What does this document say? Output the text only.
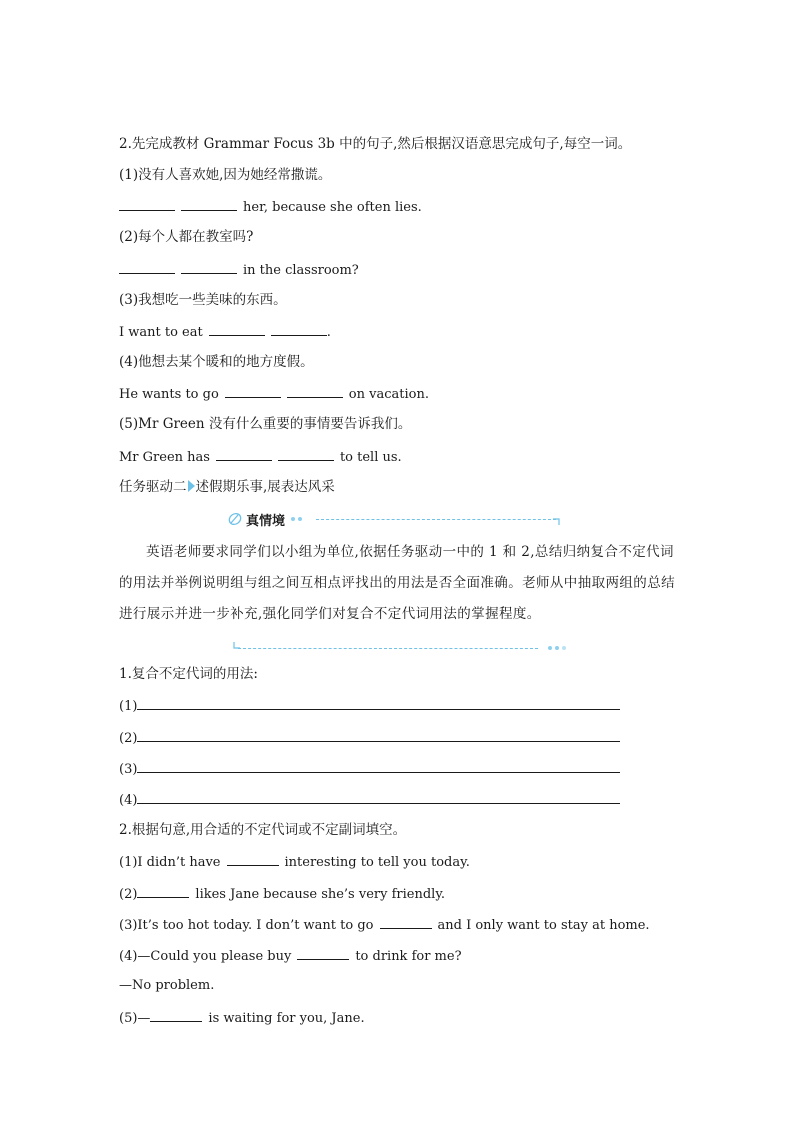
2.先完成教材 Grammar Focus 3b 中的句子,然后根据汉语意思完成句子,每空一词。
(1)没有人喜欢她,因为她经常撒谎。
her, because she often lies.
(2)每个人都在教室吗?
in the classroom?
(3)我想吃一些美味的东西。
I want to eat	.
(4)他想去某个暖和的地方度假。
He wants to go	on vacation.
(5)Mr Green 没有什么重要的事情要告诉我们。
Mr Green has	to tell us.
任务驱动二 述假期乐事,展表达风采
真情境
英语老师要求同学们以小组为单位,依据任务驱动一中的 1 和 2,总结归纳复合不定代词的用法并举例说明组与组之间互相点评找出的用法是否全面准确。老师从中抽取两组的总结进行展示并进一步补充,强化同学们对复合不定代词用法的掌握程度。
1.复合不定代词的用法:
(1)
(2)
(3)
(4)
2.根据句意,用合适的不定代词或不定副词填空。
(1)I didn’t have	interesting to tell you today.
(2)	likes Jane because she’s very friendly.
(3)It’s too hot today. I don’t want to go	and I only want to stay at home.
(4)—Could you please buy	to drink for me?
—No problem.
(5)—	is waiting for you, Jane.
